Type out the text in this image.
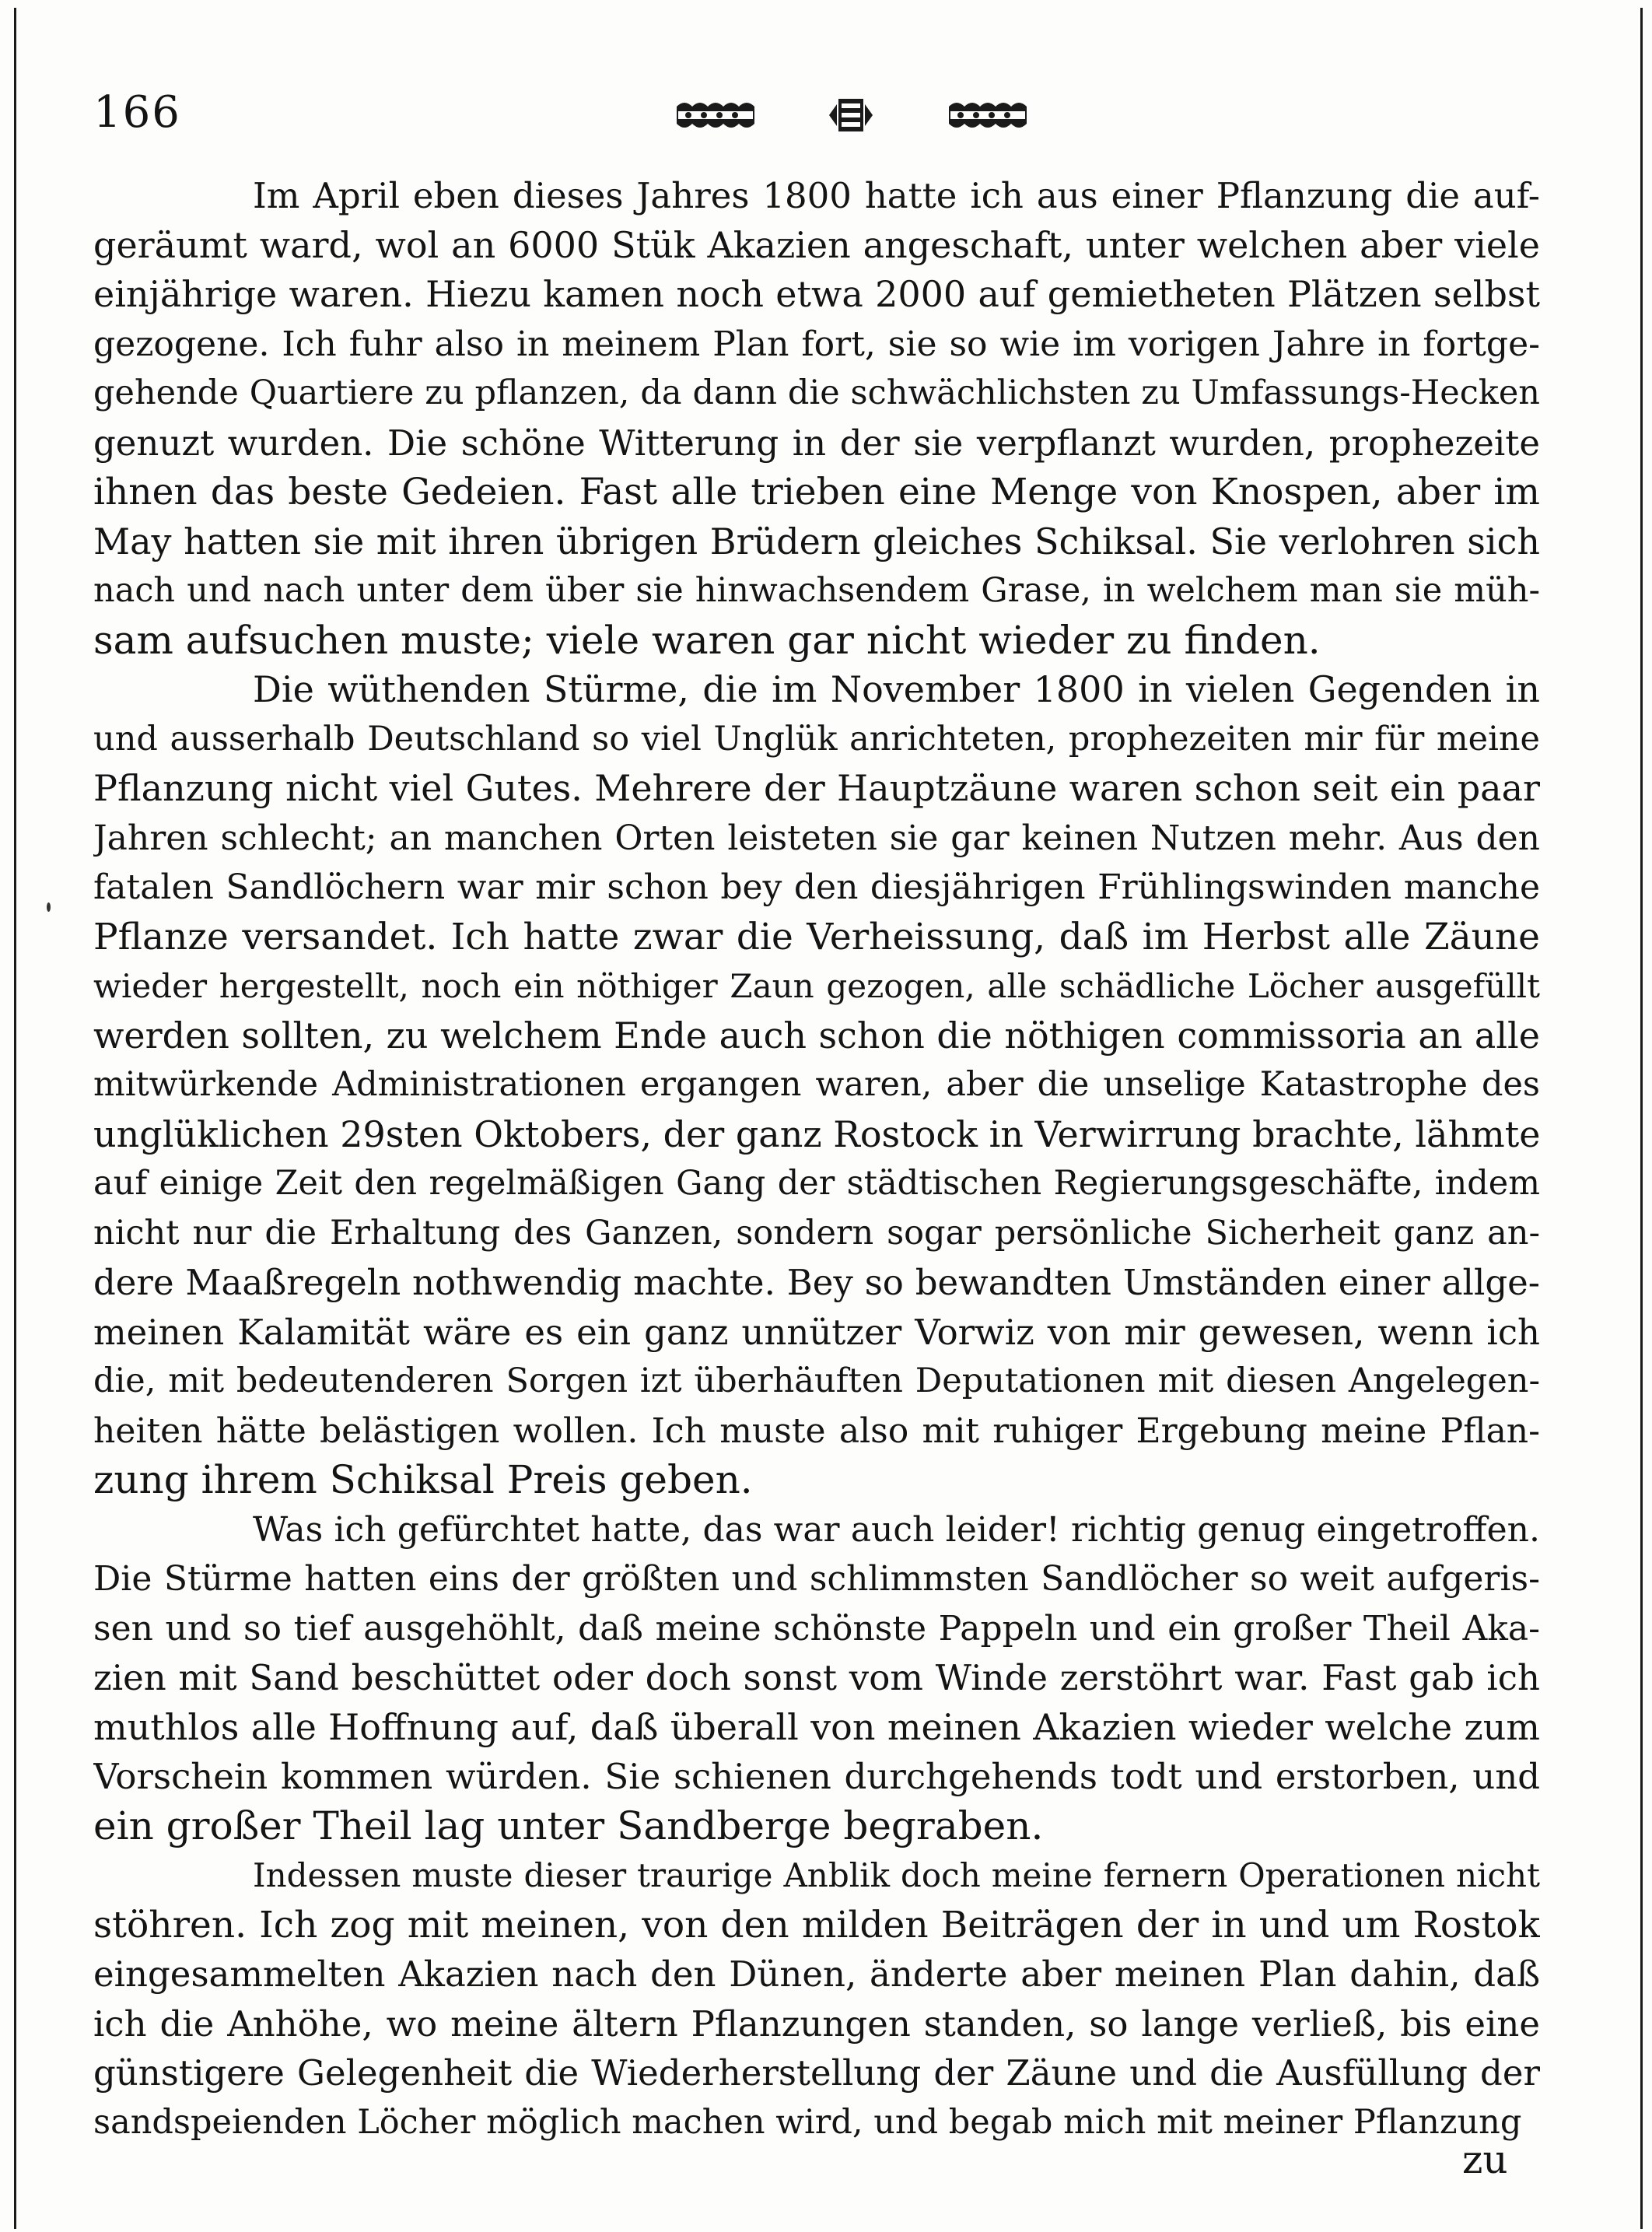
166
Im April eben dieses Jahres 1800 hatte ich aus einer Pflanzung die auf-
geräumt ward, wol an 6000 Stük Akazien angeschaft, unter welchen aber viele
einjährige waren. Hiezu kamen noch etwa 2000 auf gemietheten Plätzen selbst
gezogene. Ich fuhr also in meinem Plan fort, sie so wie im vorigen Jahre in fortge-
gehende Quartiere zu pflanzen, da dann die schwächlichsten zu Umfassungs-Hecken
genuzt wurden. Die schöne Witterung in der sie verpflanzt wurden, prophezeite
ihnen das beste Gedeien. Fast alle trieben eine Menge von Knospen, aber im
May hatten sie mit ihren übrigen Brüdern gleiches Schiksal. Sie verlohren sich
nach und nach unter dem über sie hinwachsendem Grase, in welchem man sie müh-
sam aufsuchen muste; viele waren gar nicht wieder zu finden.
Die wüthenden Stürme, die im November 1800 in vielen Gegenden in
und ausserhalb Deutschland so viel Unglük anrichteten, prophezeiten mir für meine
Pflanzung nicht viel Gutes. Mehrere der Hauptzäune waren schon seit ein paar
Jahren schlecht; an manchen Orten leisteten sie gar keinen Nutzen mehr. Aus den
fatalen Sandlöchern war mir schon bey den diesjährigen Frühlingswinden manche
Pflanze versandet. Ich hatte zwar die Verheissung, daß im Herbst alle Zäune
wieder hergestellt, noch ein nöthiger Zaun gezogen, alle schädliche Löcher ausgefüllt
werden sollten, zu welchem Ende auch schon die nöthigen commissoria an alle
mitwürkende Administrationen ergangen waren, aber die unselige Katastrophe des
unglüklichen 29sten Oktobers, der ganz Rostock in Verwirrung brachte, lähmte
auf einige Zeit den regelmäßigen Gang der städtischen Regierungsgeschäfte, indem
nicht nur die Erhaltung des Ganzen, sondern sogar persönliche Sicherheit ganz an-
dere Maaßregeln nothwendig machte. Bey so bewandten Umständen einer allge-
meinen Kalamität wäre es ein ganz unnützer Vorwiz von mir gewesen, wenn ich
die, mit bedeutenderen Sorgen izt überhäuften Deputationen mit diesen Angelegen-
heiten hätte belästigen wollen. Ich muste also mit ruhiger Ergebung meine Pflan-
zung ihrem Schiksal Preis geben.
Was ich gefürchtet hatte, das war auch leider! richtig genug eingetroffen.
Die Stürme hatten eins der größten und schlimmsten Sandlöcher so weit aufgeris-
sen und so tief ausgehöhlt, daß meine schönste Pappeln und ein großer Theil Aka-
zien mit Sand beschüttet oder doch sonst vom Winde zerstöhrt war. Fast gab ich
muthlos alle Hoffnung auf, daß überall von meinen Akazien wieder welche zum
Vorschein kommen würden. Sie schienen durchgehends todt und erstorben, und
ein großer Theil lag unter Sandberge begraben.
Indessen muste dieser traurige Anblik doch meine fernern Operationen nicht
stöhren. Ich zog mit meinen, von den milden Beiträgen der in und um Rostok
eingesammelten Akazien nach den Dünen, änderte aber meinen Plan dahin, daß
ich die Anhöhe, wo meine ältern Pflanzungen standen, so lange verließ, bis eine
günstigere Gelegenheit die Wiederherstellung der Zäune und die Ausfüllung der
sandspeienden Löcher möglich machen wird, und begab mich mit meiner Pflanzung
zu
